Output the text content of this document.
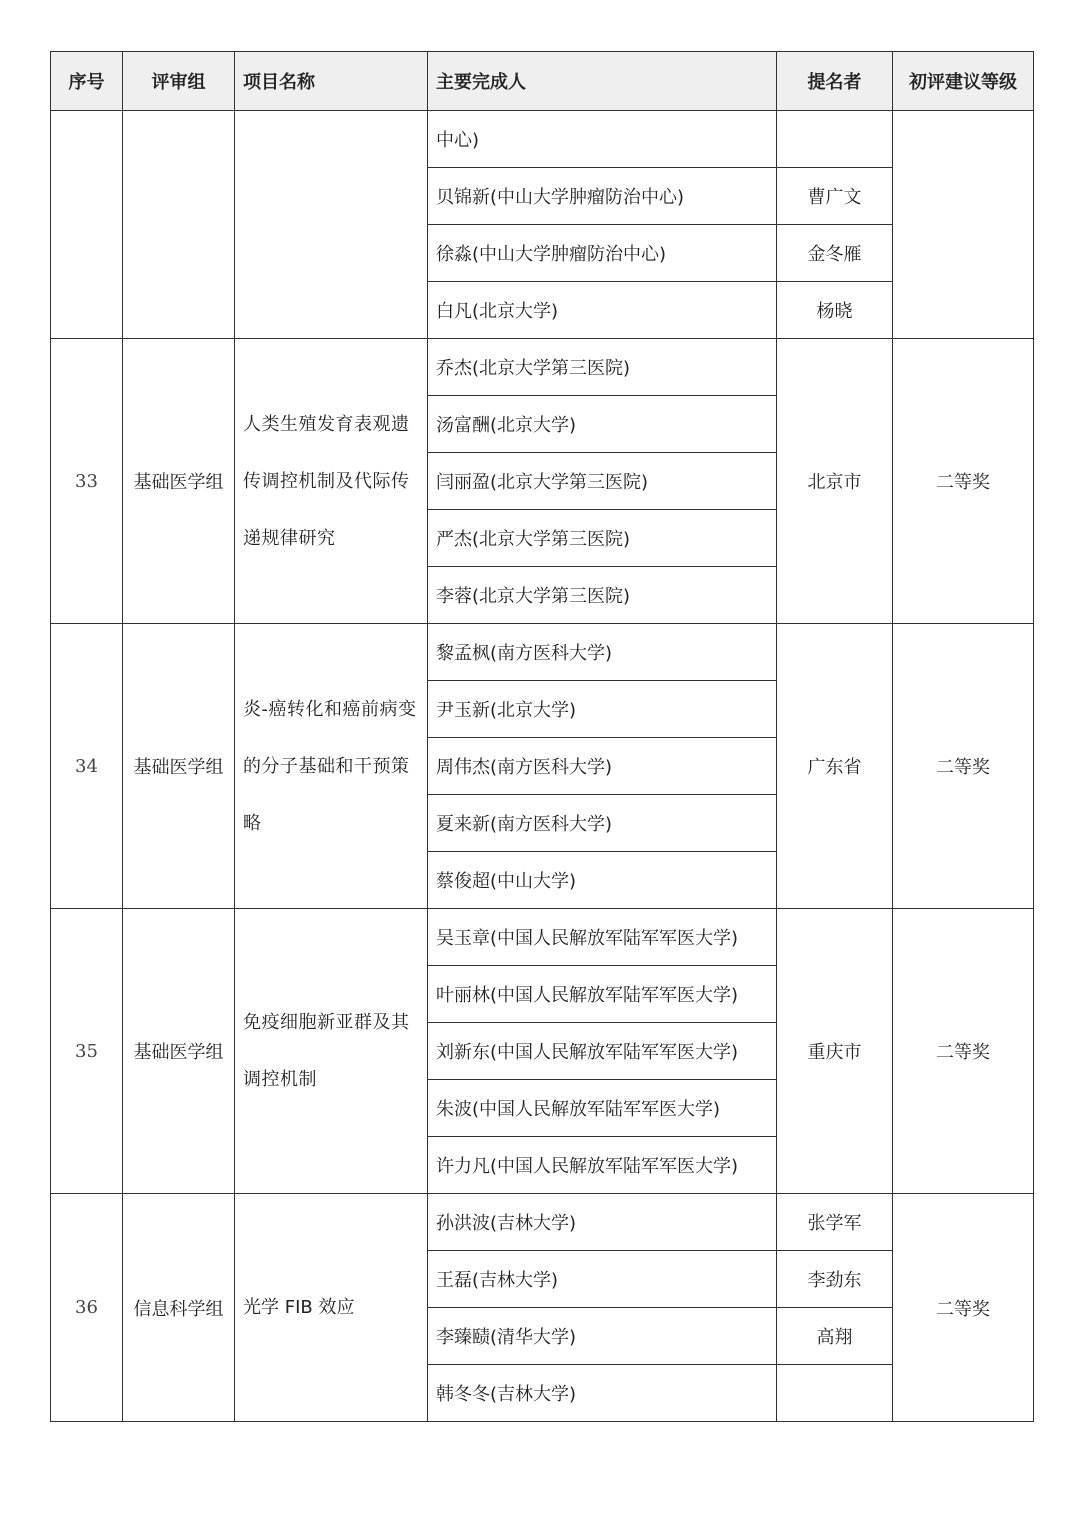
序号	评审组	项目名称	主要完成人	提名者	初评建议等级
			中心)		
			贝锦新(中山大学肿瘤防治中心)	曹广文	
			徐淼(中山大学肿瘤防治中心)	金冬雁	
			白凡(北京大学)	杨晓	
33	基础医学组	人类生殖发育表观遗传调控机制及代际传递规律研究	乔杰(北京大学第三医院)	北京市	二等奖
			汤富酬(北京大学)		
			闫丽盈(北京大学第三医院)		
			严杰(北京大学第三医院)		
			李蓉(北京大学第三医院)		
34	基础医学组	炎-癌转化和癌前病变的分子基础和干预策略	黎孟枫(南方医科大学)	广东省	二等奖
			尹玉新(北京大学)		
			周伟杰(南方医科大学)		
			夏来新(南方医科大学)		
			蔡俊超(中山大学)		
35	基础医学组	免疫细胞新亚群及其调控机制	吴玉章(中国人民解放军陆军军医大学)	重庆市	二等奖
			叶丽林(中国人民解放军陆军军医大学)		
			刘新东(中国人民解放军陆军军医大学)		
			朱波(中国人民解放军陆军军医大学)		
			许力凡(中国人民解放军陆军军医大学)		
36	信息科学组	光学 FIB 效应	孙洪波(吉林大学)	张学军	二等奖
			王磊(吉林大学)	李劲东	
			李臻赜(清华大学)	高翔	
			韩冬冬(吉林大学)		
